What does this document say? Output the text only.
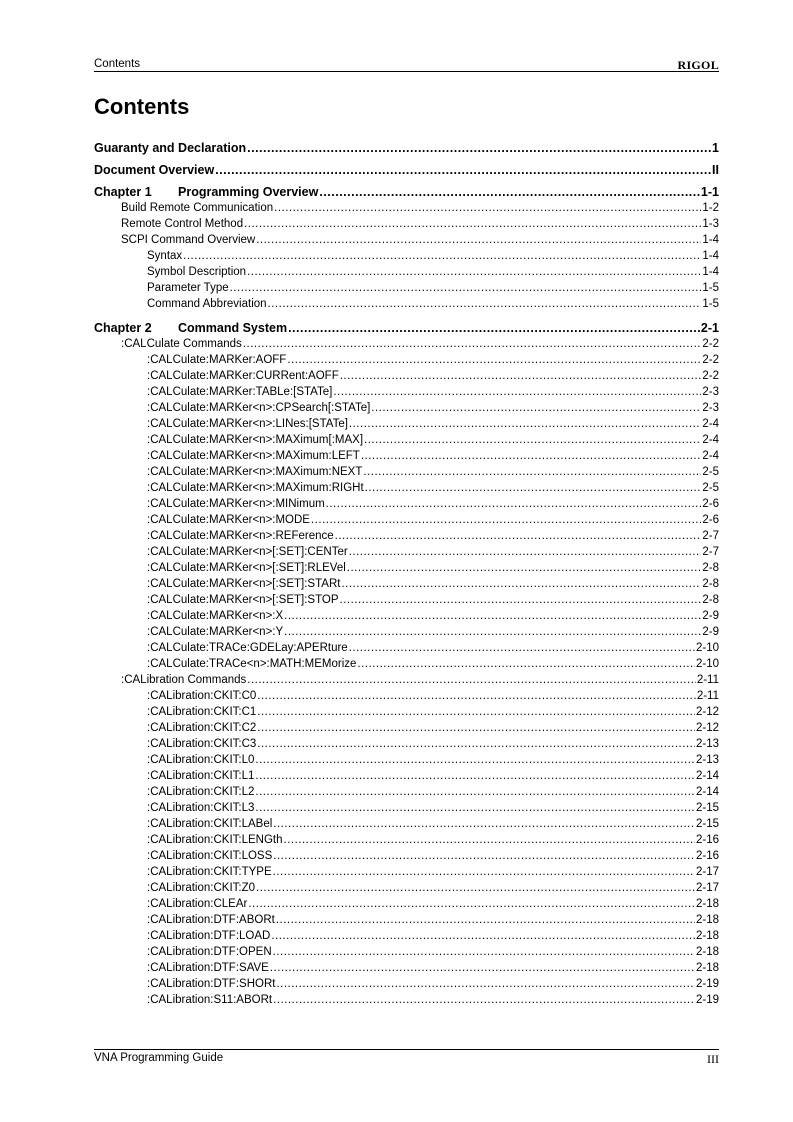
Contents	RIGOL
Contents
Guaranty and Declaration .....	1
Document Overview .....	II
Chapter 1 Programming Overview .....	1-1
Build Remote Communication .....	1-2
Remote Control Method .....	1-3
SCPI Command Overview .....	1-4
Syntax .....	1-4
Symbol Description .....	1-4
Parameter Type .....	1-5
Command Abbreviation .....	1-5
Chapter 2 Command System .....	2-1
:CALCulate Commands .....	2-2
:CALCulate:MARKer:AOFF .....	2-2
:CALCulate:MARKer:CURRent:AOFF .....	2-2
:CALCulate:MARKer:TABLe:[STATe] .....	2-3
:CALCulate:MARKer<n>:CPSearch[:STATe] .....	2-3
:CALCulate:MARKer<n>:LINes:[STATe] .....	2-4
:CALCulate:MARKer<n>:MAXimum[:MAX] .....	2-4
:CALCulate:MARKer<n>:MAXimum:LEFT .....	2-4
:CALCulate:MARKer<n>:MAXimum:NEXT .....	2-5
:CALCulate:MARKer<n>:MAXimum:RIGHt .....	2-5
:CALCulate:MARKer<n>:MINimum .....	2-6
:CALCulate:MARKer<n>:MODE .....	2-6
:CALCulate:MARKer<n>:REFerence .....	2-7
:CALCulate:MARKer<n>[:SET]:CENTer .....	2-7
:CALCulate:MARKer<n>[:SET]:RLEVel .....	2-8
:CALCulate:MARKer<n>[:SET]:STARt .....	2-8
:CALCulate:MARKer<n>[:SET]:STOP .....	2-8
:CALCulate:MARKer<n>:X .....	2-9
:CALCulate:MARKer<n>:Y .....	2-9
:CALCulate:TRACe:GDELay:APERture .....	2-10
:CALCulate:TRACe<n>:MATH:MEMorize .....	2-10
:CALibration Commands .....	2-11
:CALibration:CKIT:C0 .....	2-11
:CALibration:CKIT:C1 .....	2-12
:CALibration:CKIT:C2 .....	2-12
:CALibration:CKIT:C3 .....	2-13
:CALibration:CKIT:L0 .....	2-13
:CALibration:CKIT:L1 .....	2-14
:CALibration:CKIT:L2 .....	2-14
:CALibration:CKIT:L3 .....	2-15
:CALibration:CKIT:LABel .....	2-15
:CALibration:CKIT:LENGth .....	2-16
:CALibration:CKIT:LOSS .....	2-16
:CALibration:CKIT:TYPE .....	2-17
:CALibration:CKIT:Z0 .....	2-17
:CALibration:CLEAr .....	2-18
:CALibration:DTF:ABORt .....	2-18
:CALibration:DTF:LOAD .....	2-18
:CALibration:DTF:OPEN .....	2-18
:CALibration:DTF:SAVE .....	2-18
:CALibration:DTF:SHORt .....	2-19
:CALibration:S11:ABORt .....	2-19
VNA Programming Guide	III
